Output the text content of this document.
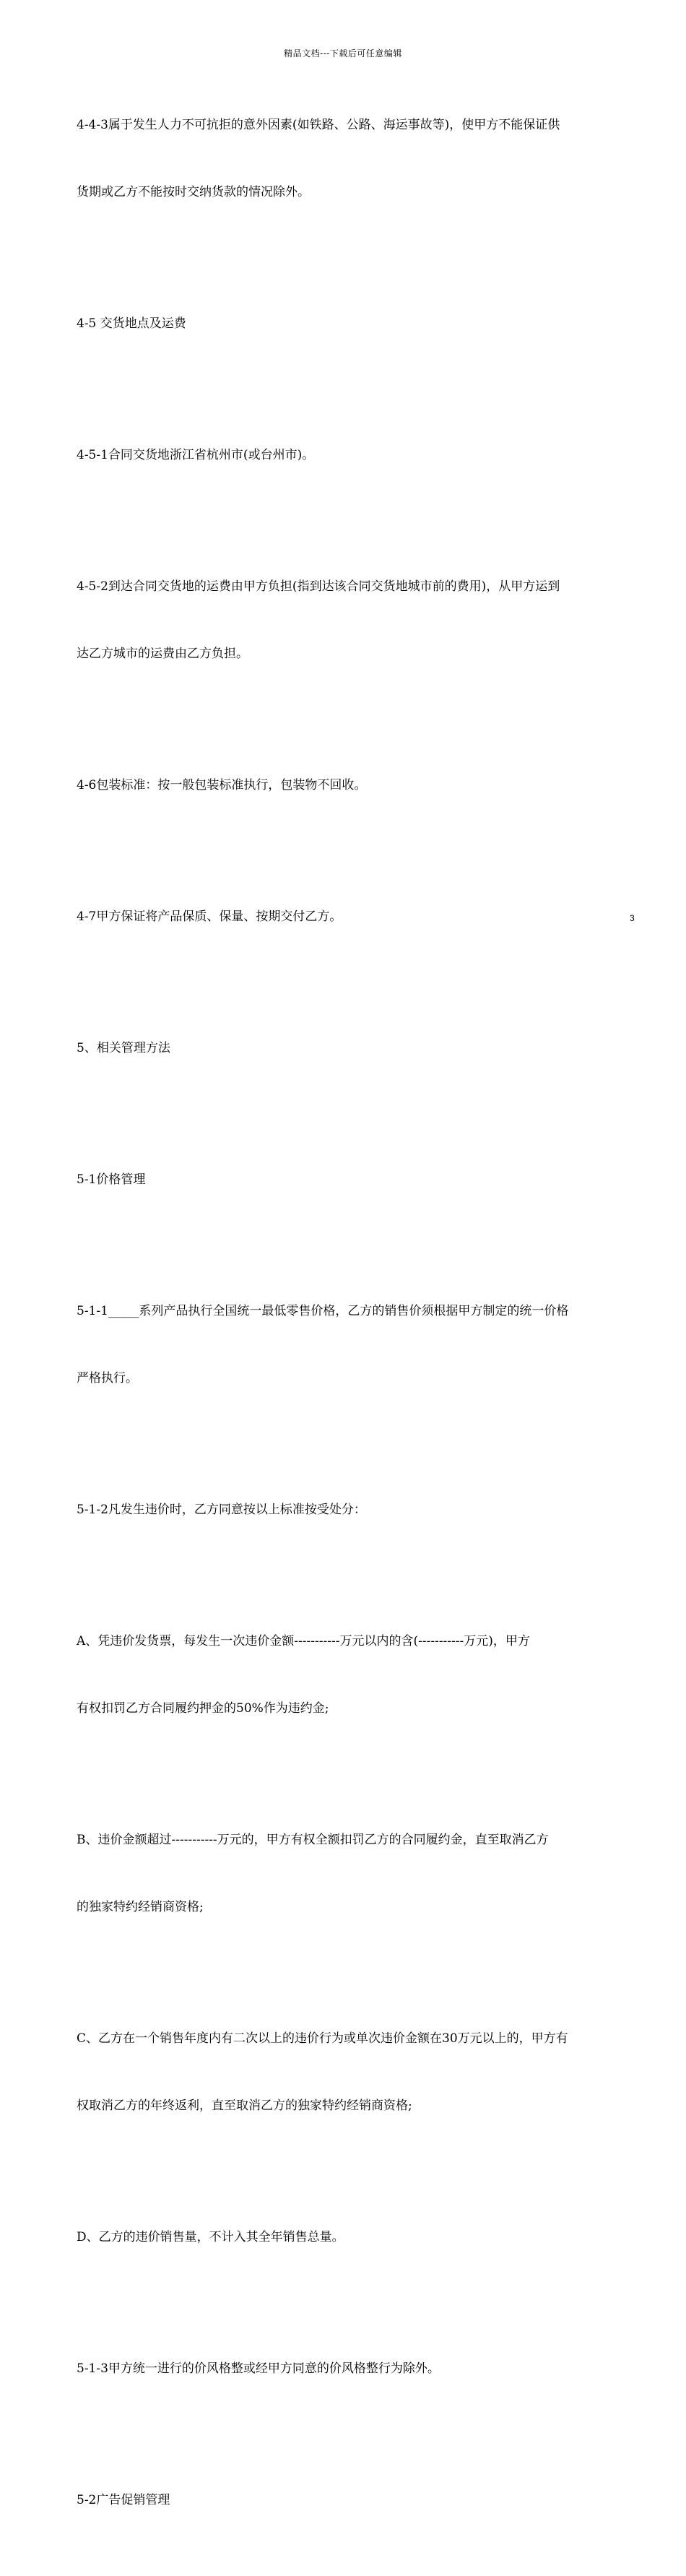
精品文档---下载后可任意编辑

4-4-3属于发生人力不可抗拒的意外因素(如铁路、公路、海运事故等)，使甲方不能保证供

货期或乙方不能按时交纳货款的情况除外。

4-5 交货地点及运费

4-5-1合同交货地浙江省杭州市(或台州市)。

4-5-2到达合同交货地的运费由甲方负担(指到达该合同交货地城市前的费用)，从甲方运到

达乙方城市的运费由乙方负担。

4-6包装标准：按一般包装标准执行，包装物不回收。

4-7甲方保证将产品保质、保量、按期交付乙方。

5、相关管理方法

5-1价格管理

5-1-1_____系列产品执行全国统一最低零售价格，乙方的销售价须根据甲方制定的统一价格

严格执行。

5-1-2凡发生违价时，乙方同意按以上标准按受处分：

A、凭违价发货票，每发生一次违价金额-----------万元以内的含(-----------万元)，甲方

有权扣罚乙方合同履约押金的50%作为违约金;

B、违价金额超过-----------万元的，甲方有权全额扣罚乙方的合同履约金，直至取消乙方

的独家特约经销商资格;

C、乙方在一个销售年度内有二次以上的违价行为或单次违价金额在30万元以上的，甲方有

权取消乙方的年终返利，直至取消乙方的独家特约经销商资格;

D、乙方的违价销售量，不计入其全年销售总量。

5-1-3甲方统一进行的价风格整或经甲方同意的价风格整行为除外。

5-2广告促销管理

3
